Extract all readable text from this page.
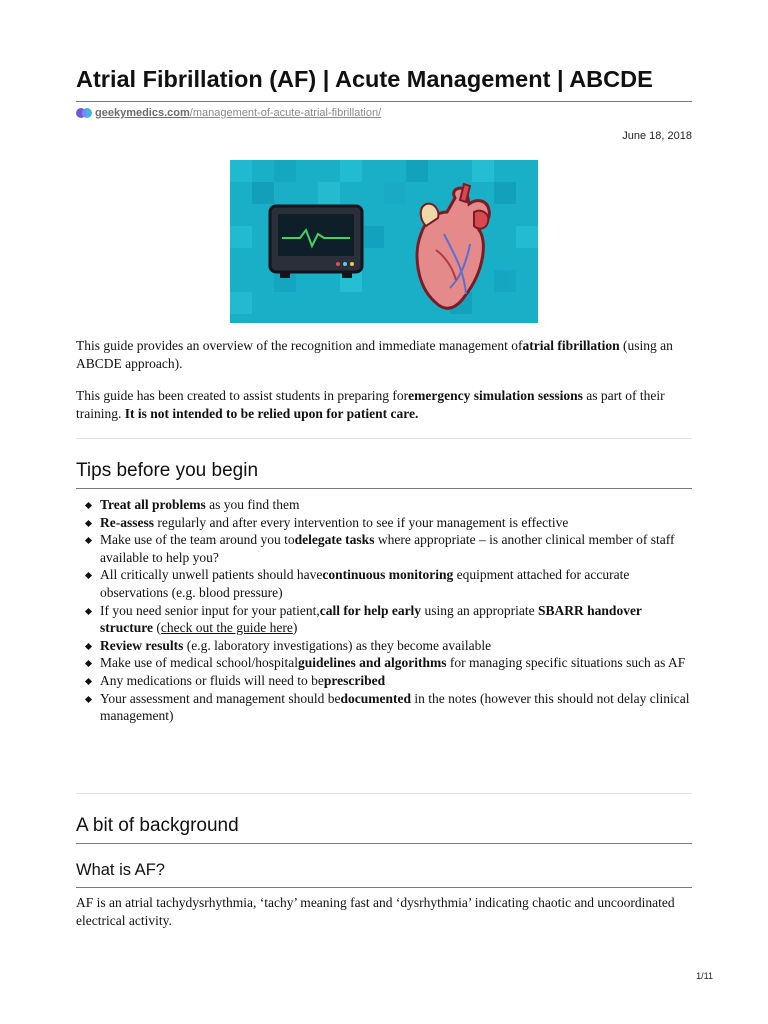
Atrial Fibrillation (AF) | Acute Management | ABCDE
geekymedics.com /management-of-acute-atrial-fibrillation/
June 18, 2018

This guide provides an overview of the recognition and immediate management ofatrial fibrillation (using an ABCDE approach).

This guide has been created to assist students in preparing foremergency simulation sessions as part of their training. It is not intended to be relied upon for patient care.

Tips before you begin
Treat all problems as you find them
Re-assess regularly and after every intervention to see if your management is effective
Make use of the team around you todelegate tasks where appropriate – is another clinical member of staff available to help you?
All critically unwell patients should havecontinuous monitoring equipment attached for accurate observations (e.g. blood pressure)
If you need senior input for your patient,call for help early using an appropriate SBARR handover structure (check out the guide here)
Review results (e.g. laboratory investigations) as they become available
Make use of medical school/hospitalguidelines and algorithms for managing specific situations such as AF
Any medications or fluids will need to beprescribed
Your assessment and management should bedocumented in the notes (however this should not delay clinical management)
A bit of background
What is AF?

AF is an atrial tachydysrhythmia, ‘tachy’ meaning fast and ‘dysrhythmia’ indicating chaotic and uncoordinated electrical activity.

1/11
